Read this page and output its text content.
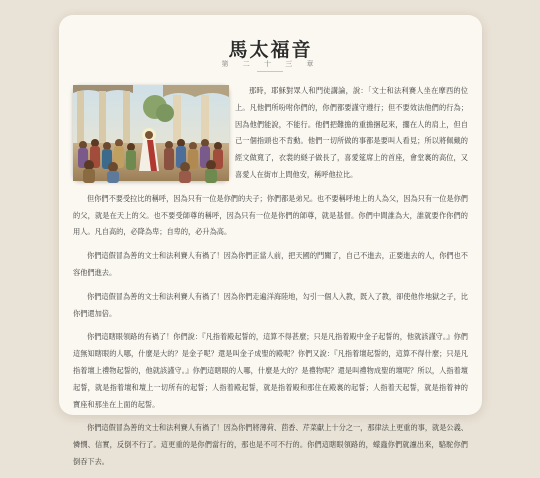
馬太福音
第 二 十 三 章

那時，耶穌對眾人和門徒講論，說：「文士和法利賽人坐在摩西的位上。凡他們所吩咐你們的，你們都要謹守遵行；但不要效法他們的行為；因為他們能說，不能行。他們把難擔的重擔捆起來，擱在人的肩上，但自己一個指頭也不肯動。他們一切所做的事都是要叫人看見；所以將佩戴的經文做寬了，衣裳的繸子做長了，喜愛筵席上的首座，會堂裏的高位，又喜愛人在街市上問他安，稱呼他拉比。

但你們不要受拉比的稱呼，因為只有一位是你們的夫子；你們都是弟兄。也不要稱呼地上的人為父，因為只有一位是你們的父，就是在天上的父。也不要受師尊的稱呼，因為只有一位是你們的師尊，就是基督。你們中間誰為大，誰就要作你們的用人。凡自高的，必降為卑；自卑的，必升為高。

你們這假冒為善的文士和法利賽人有禍了！因為你們正當人前，把天國的門關了，自己不進去，正要進去的人，你們也不容他們進去。

你們這假冒為善的文士和法利賽人有禍了！因為你們走遍洋海陸地，勾引一個人入教，既入了教，卻使他作地獄之子，比你們還加倍。

你們這瞎眼領路的有禍了！你們說：『凡指着殿起誓的，這算不得甚麼；只是凡指着殿中金子起誓的，他就該謹守。』你們這無知瞎眼的人哪，什麼是大的？是金子呢？還是叫金子成聖的殿呢？你們又說：『凡指着壇起誓的，這算不得什麼；只是凡指着壇上禮物起誓的，他就該謹守。』你們這瞎眼的人哪，什麼是大的？是禮物呢？還是叫禮物成聖的壇呢？所以，人指着壇起誓，就是指着壇和壇上一切所有的起誓；人指着殿起誓，就是指着殿和那住在殿裏的起誓；人指着天起誓，就是指着神的寶座和那坐在上面的起誓。

你們這假冒為善的文士和法利賽人有禍了！因為你們將薄荷、茴香、芹菜獻上十分之一，那律法上更重的事，就是公義、憐憫、信實，反倒不行了。這更重的是你們當行的，那也是不可不行的。你們這瞎眼領路的，蠓蟲你們就濾出來，駱駝你們倒吞下去。
